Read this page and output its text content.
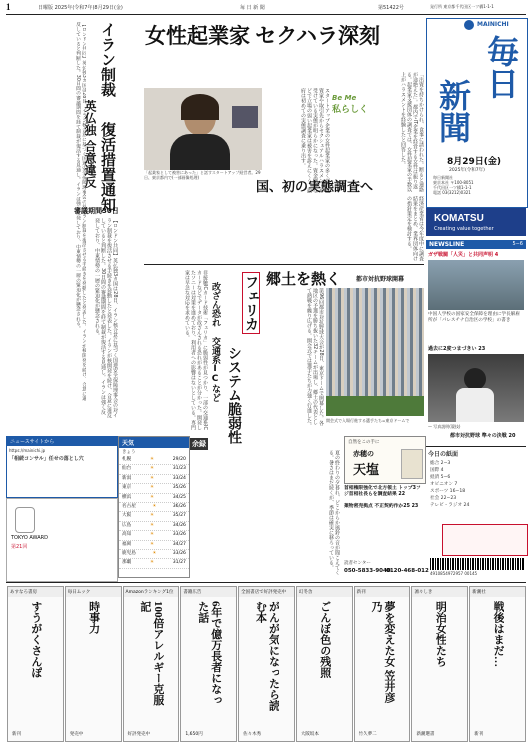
1	日曜版 2025年(令和7年)8月29日(金)	毎 日 新 聞	第51422号	発行所 東京都千代田区一ツ橋1-1-1
MAINICHI
毎日
新聞
8月29日(金)
2025年(令和7年)
毎日新聞社
東京本社 〒100-8051
千代田区一ツ橋1-1-1
電話 03(3212)0321
KOMATSU
Creating value together
NEWSLINE	5−6
ガザ戦闘「人災」と共同声明 4
中国人学校の国家安全保障を理由に学長解雇所が「パレスチナ自治区の学校」の書き
過去に2度つまづきい 23
— 写真説明(競技)
都市対抗野球 準々の決戦 20
今日の紙面
総合 2−3
国際 4
経済 5−6
オピニオン 7
スポーツ 16−18
社会 22−23
テレビ・ラジオ 24
【ロンドン共同】英仏独3カ国は28日、イラン核合意に基づく国連安全保障理事会の対イラン制裁を復活させる手続きを発動したと発表した。イランが核開発を続け、合意に違反していると判断した。30日間の審議期間を経て制裁が復活する見通し。イランは強く反発しており、中東情勢の一層の緊迫化が懸念される。	イラン制裁
英仏独
復活措置通知
合意違反
審議期間30日
【ロンドン共同】英仏独3カ国は28日、イラン核合意に基づく国連安全保障理事会の対イラン制裁を復活させる手続きを発動したと発表した。イランが核開発を続け、合意に違反していると判断した。30日間の審議期間を経て制裁が復活する見通し。イランは強く反発しており、中東情勢の一層の緊迫化が懸念される。
女性起業家 セクハラ深刻
「起業家として被害にあった」と話すスタートアップ経営者。29日、東京都内で(一部画像処理)
Be Me
私らしく
スタートアップ企業の女性起業家の多くが、投資家や取引先からセクシュアルハラスメントを受けている実態が明らかになった。資金調達などで立場の弱い起業家は被害を訴えにくく、政府は初めての実態調査に乗り出す。	「出資を持ちかけられ、食事に誘われた。断ると連絡が途絶えた」。都内でIT企業を経営する女性は振り返る。起業家支援団体の調査では、女性起業家の半数以上がハラスメントを経験したと回答した。
国、初の実態調査へ
経済産業省は今年度中に調査結果をまとめ、業界団体向けの指針策定を検討する。
フェリカ
システム脆弱性
改ざん恐れ 交通系ICなど
非接触ICカード技術「フェリカ」に脆弱性が見つかり、一部の交通系ICカードなどでデータが改ざんされる恐れがあることが分かった。開発したソニーは対策を進めており、利用者への影響はないとしている。専門家は早急な対応を求めている。	郷土を熱く 都市対抗野球開幕
開会式で入場行進する選手たち=東京ドームで
第96回都市対抗野球大会が28日、東京ドームで開幕した。各地区の予選を勝ち抜いた32チームが出場し、郷土の代表として熱戦を繰り広げる。開会式では選手たちが力強く行進した。
ニュースサイトから
https://mainichi.jp
「相続コンサル」任せの落とし穴
TOKYO AWARD
第21回
天気
きょう
札幌	☀	29/20
仙台	☀	31/23
新潟	☀	33/24
東京	☀	35/26
横浜	☀	34/25
名古屋	☀	36/26
大阪	☀	35/27
広島	☀	34/26
高知	☀	33/26
福岡	☀	34/27
鹿児島	☀	33/26
那覇	☀	31/27
余録
夏の終わりの夕暮れ、どこからか風鈴の音が聞こえてくる。暑さはまだ続くが、季節は確実に移ろっている。
自然をこの手に
赤穂の
天塩
首相権限強化で北方領土 トップ3フジ首相社長らを調査結果 22
薬物密売拠点 不正契約作か25 23
読者センター
050-5833-9040
0120-468-012 4910854972957 00145
あすなろ書房
すうがくさんぽ
新刊
毎日ムック
時事力
発売中
Amazonランキング1位
100倍アレルギー克服記
好評発売中
書籍広告
6年で億万長者になった話
1,650円
全国書店で好評発売中
がんが気になったら読む本
佐々木秀
幻冬舎
ごんぼ色の残照
大阪坂本
新刊
夢を変えた女 笠井彦乃
竹久夢二
凛々しき
明治女性たち
新潮選書
新潮社
戦後はまだ…
新刊
